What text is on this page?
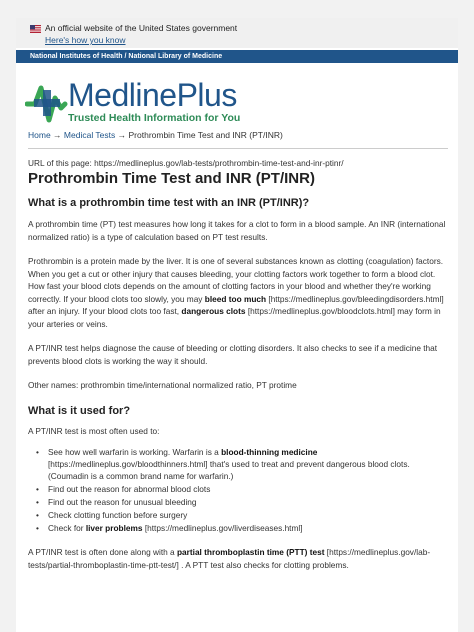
An official website of the United States government
Here's how you know
National Institutes of Health / National Library of Medicine
MedlinePlus
Trusted Health Information for You
Home → Medical Tests → Prothrombin Time Test and INR (PT/INR)
URL of this page: https://medlineplus.gov/lab-tests/prothrombin-time-test-and-inr-ptinr/
Prothrombin Time Test and INR (PT/INR)
What is a prothrombin time test with an INR (PT/INR)?

A prothrombin time (PT) test measures how long it takes for a clot to form in a blood sample. An INR (international normalized ratio) is a type of calculation based on PT test results.

Prothrombin is a protein made by the liver. It is one of several substances known as clotting (coagulation) factors. When you get a cut or other injury that causes bleeding, your clotting factors work together to form a blood clot. How fast your blood clots depends on the amount of clotting factors in your blood and whether they're working correctly. If your blood clots too slowly, you may bleed too much [https://medlineplus.gov/bleedingdisorders.html] after an injury. If your blood clots too fast, dangerous clots [https://medlineplus.gov/bloodclots.html] may form in your arteries or veins.

A PT/INR test helps diagnose the cause of bleeding or clotting disorders. It also checks to see if a medicine that prevents blood clots is working the way it should.

Other names: prothrombin time/international normalized ratio, PT protime

What is it used for?

A PT/INR test is most often used to:

• See how well warfarin is working. Warfarin is a blood-thinning medicine [https://medlineplus.gov/bloodthinners.html] that's used to treat and prevent dangerous blood clots. (Coumadin is a common brand name for warfarin.)
• Find out the reason for abnormal blood clots
• Find out the reason for unusual bleeding
• Check clotting function before surgery
• Check for liver problems [https://medlineplus.gov/liverdiseases.html]

A PT/INR test is often done along with a partial thromboplastin time (PTT) test [https://medlineplus.gov/lab-tests/partial-thromboplastin-time-ptt-test/] . A PTT test also checks for clotting problems.
